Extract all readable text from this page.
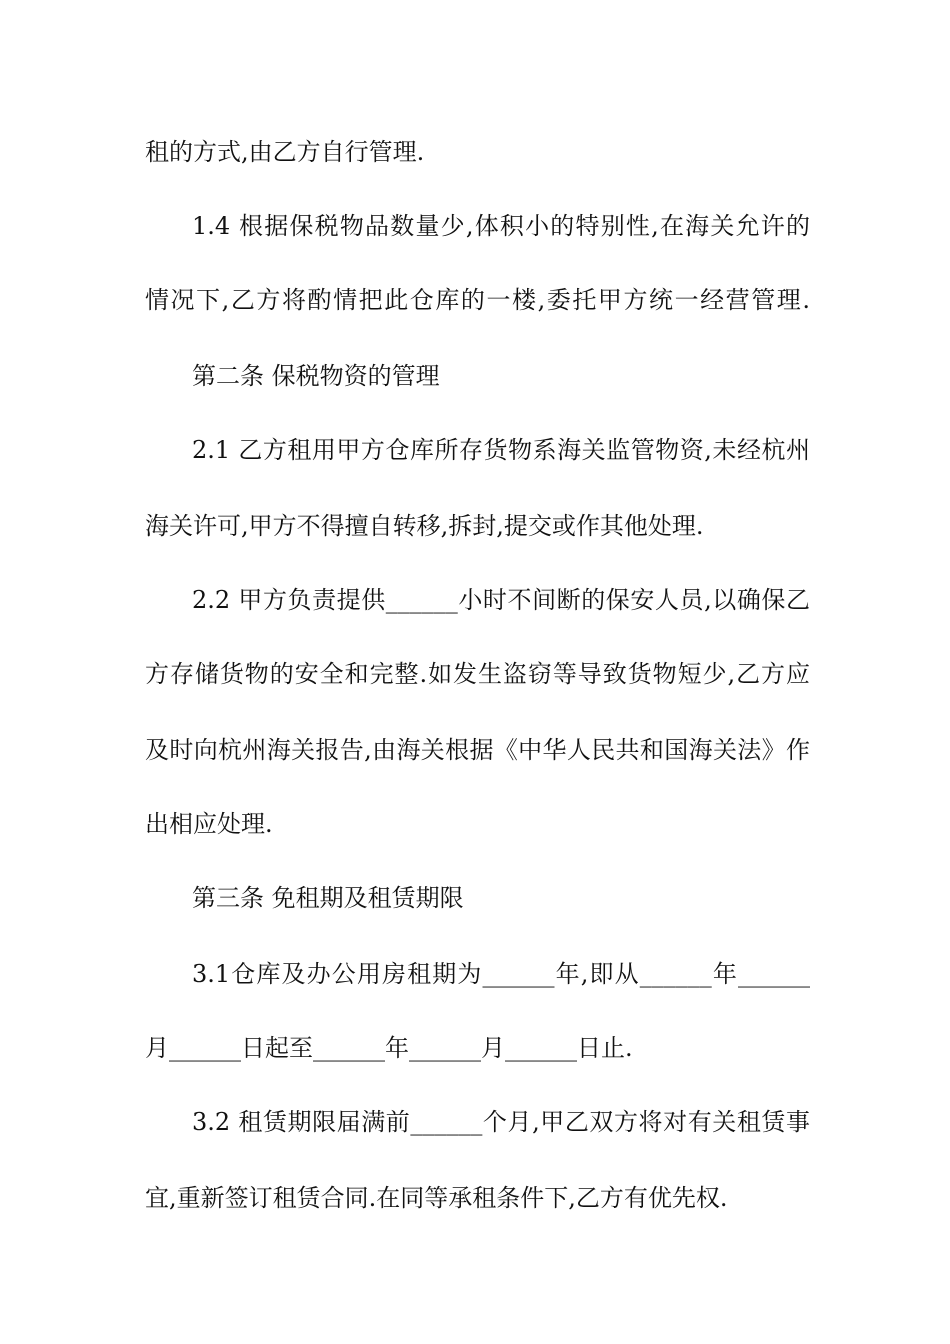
租的方式,由乙方自行管理.

1.4 根据保税物品数量少,体积小的特别性,在海关允许的

情况下,乙方将酌情把此仓库的一楼,委托甲方统一经营管理.

第二条 保税物资的管理

2.1 乙方租用甲方仓库所存货物系海关监管物资,未经杭州

海关许可,甲方不得擅自转移,拆封,提交或作其他处理.

2.2 甲方负责提供______小时不间断的保安人员,以确保乙

方存储货物的安全和完整.如发生盗窃等导致货物短少,乙方应

及时向杭州海关报告,由海关根据《中华人民共和国海关法》作

出相应处理.

第三条 免租期及租赁期限

3.1仓库及办公用房租期为______年,即从______年______

月______日起至______年______月______日止.

3.2 租赁期限届满前______个月,甲乙双方将对有关租赁事

宜,重新签订租赁合同.在同等承租条件下,乙方有优先权.
